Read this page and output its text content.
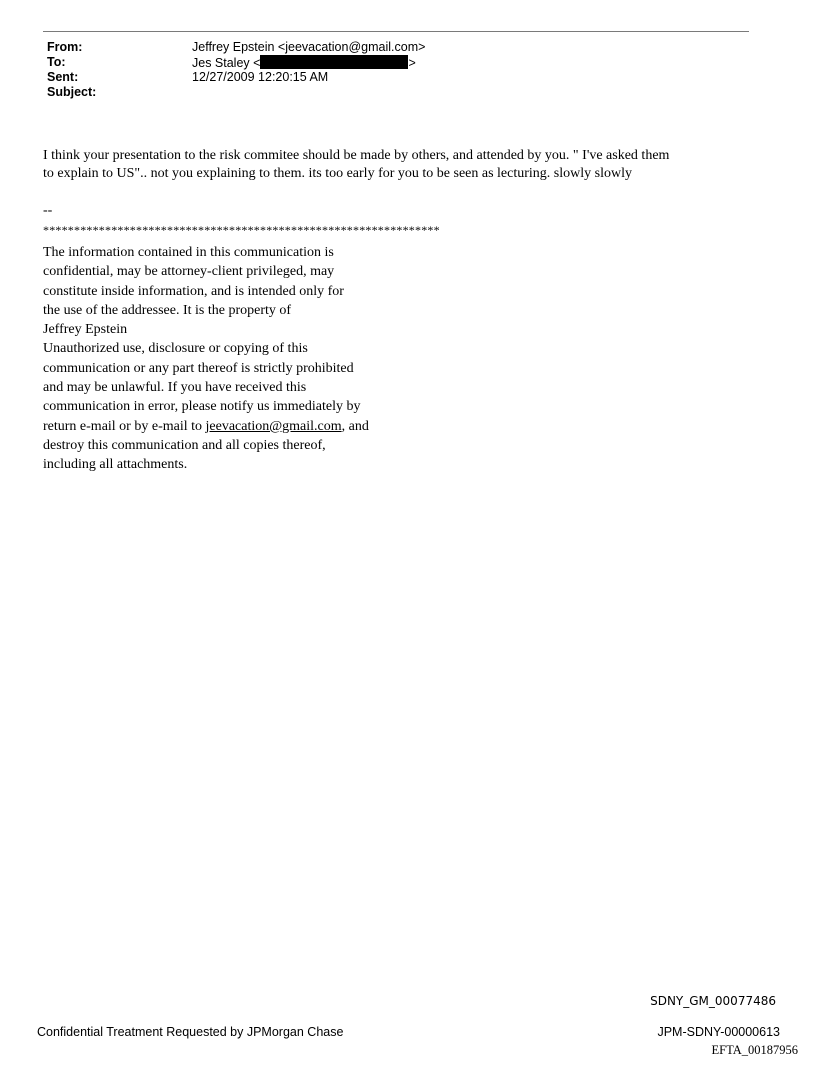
From:	Jeffrey Epstein <jeevacation@gmail.com>
To:	Jes Staley <	>
Sent:	12/27/2009 12:20:15 AM
Subject:
I think your presentation to the risk commitee should be made by others, and attended by you. " I've asked them
to explain to US".. not you explaining to them. its too early for you to be seen as lecturing. slowly slowly
--
****************************************************************
The information contained in this communication is
confidential, may be attorney-client privileged, may
constitute inside information, and is intended only for
the use of the addressee. It is the property of
Jeffrey Epstein
Unauthorized use, disclosure or copying of this
communication or any part thereof is strictly prohibited
and may be unlawful. If you have received this
communication in error, please notify us immediately by
return e-mail or by e-mail to jeevacation@gmail.com, and
destroy this communication and all copies thereof,
including all attachments.
SDNY_GM_00077486
Confidential Treatment Requested by JPMorgan Chase	JPM-SDNY-00000613
EFTA_00187956
